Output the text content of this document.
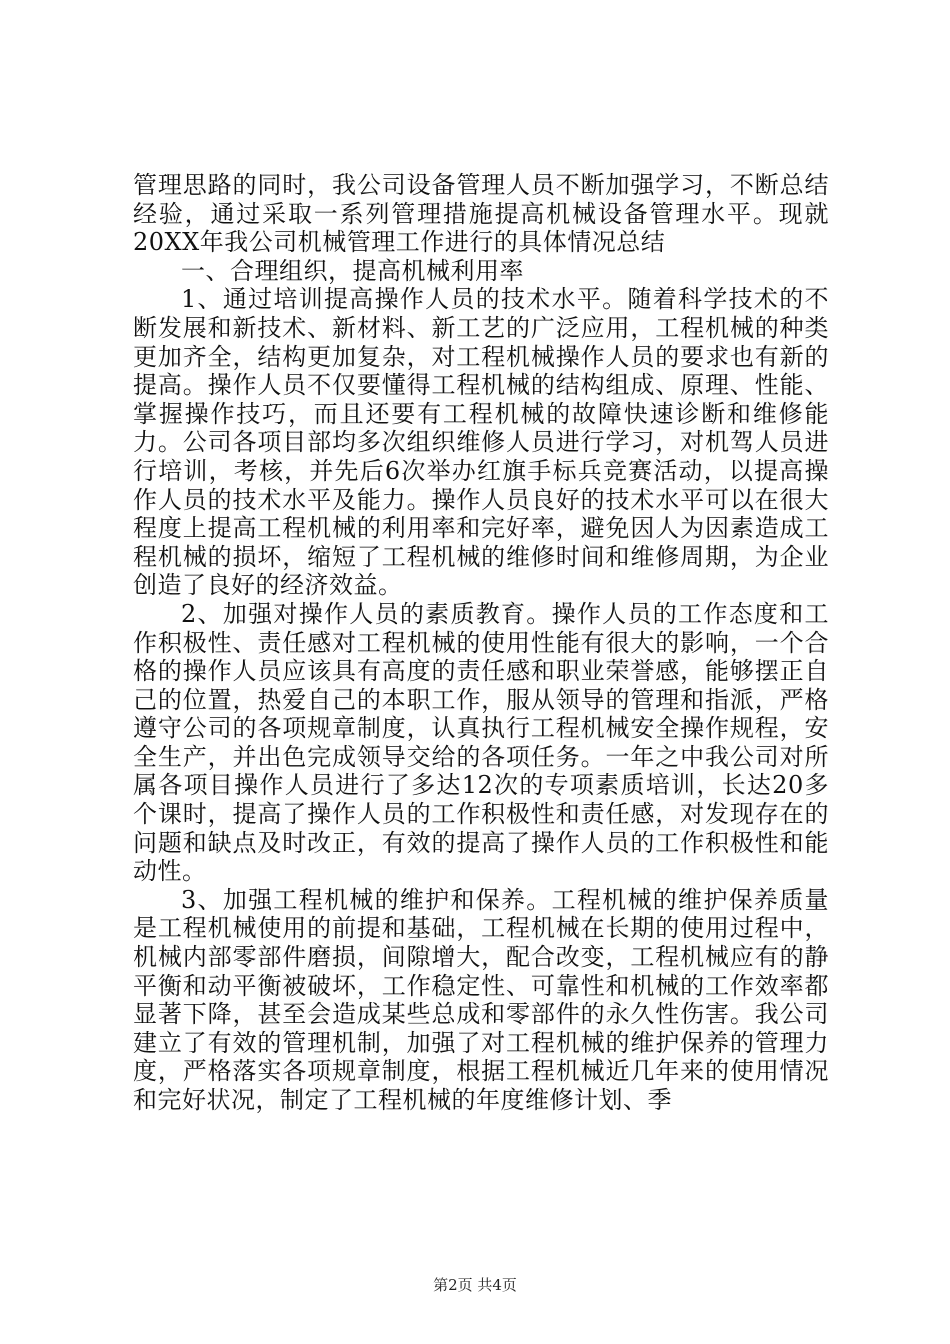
管理思路的同时，我公司设备管理人员不断加强学习，不断总结经验，通过采取一系列管理措施提高机械设备管理水平。现就20XX年我公司机械管理工作进行的具体情况总结

一、合理组织，提高机械利用率

1、通过培训提高操作人员的技术水平。随着科学技术的不断发展和新技术、新材料、新工艺的广泛应用，工程机械的种类更加齐全，结构更加复杂，对工程机械操作人员的要求也有新的提高。操作人员不仅要懂得工程机械的结构组成、原理、性能、掌握操作技巧，而且还要有工程机械的故障快速诊断和维修能力。公司各项目部均多次组织维修人员进行学习，对机驾人员进行培训，考核，并先后6次举办红旗手标兵竞赛活动，以提高操作人员的技术水平及能力。操作人员良好的技术水平可以在很大程度上提高工程机械的利用率和完好率，避免因人为因素造成工程机械的损坏，缩短了工程机械的维修时间和维修周期，为企业创造了良好的经济效益。

2、加强对操作人员的素质教育。操作人员的工作态度和工作积极性、责任感对工程机械的使用性能有很大的影响，一个合格的操作人员应该具有高度的责任感和职业荣誉感，能够摆正自己的位置，热爱自己的本职工作，服从领导的管理和指派，严格遵守公司的各项规章制度，认真执行工程机械安全操作规程，安全生产，并出色完成领导交给的各项任务。一年之中我公司对所属各项目操作人员进行了多达12次的专项素质培训，长达20多个课时，提高了操作人员的工作积极性和责任感，对发现存在的问题和缺点及时改正，有效的提高了操作人员的工作积极性和能动性。

3、加强工程机械的维护和保养。工程机械的维护保养质量是工程机械使用的前提和基础，工程机械在长期的使用过程中，机械内部零部件磨损，间隙增大，配合改变，工程机械应有的静平衡和动平衡被破坏，工作稳定性、可靠性和机械的工作效率都显著下降，甚至会造成某些总成和零部件的永久性伤害。我公司建立了有效的管理机制，加强了对工程机械的维护保养的管理力度，严格落实各项规章制度，根据工程机械近几年来的使用情况和完好状况，制定了工程机械的年度维修计划、季

第2页 共4页
